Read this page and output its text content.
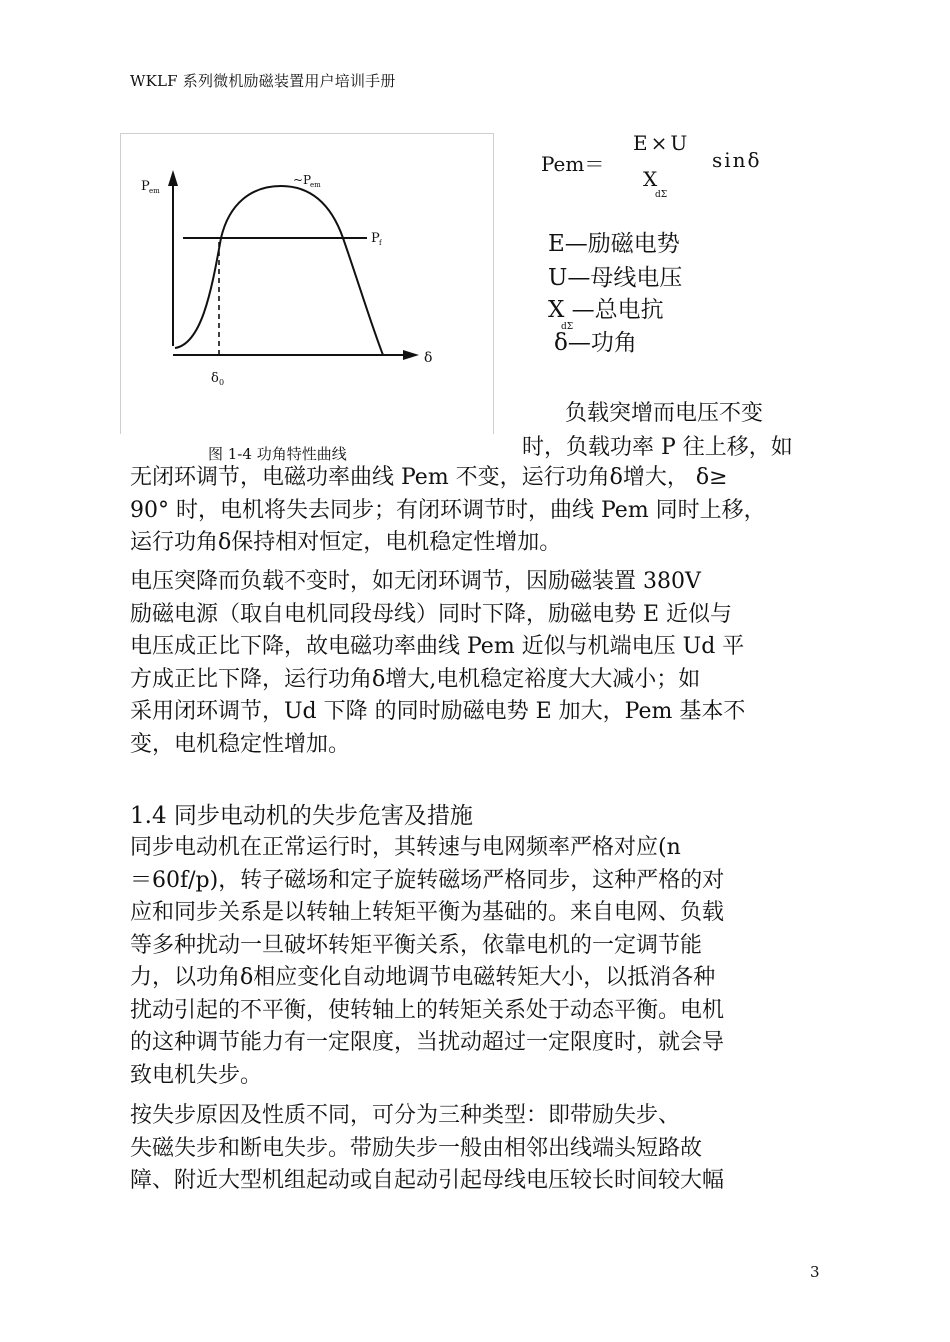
WKLF 系列微机励磁装置用户培训手册
P em
~P
em
P f
δ
δ 0
图 1-4 功角特性曲线
Pem＝
E×U
X
dΣ
sinδ
E—励磁电势
U—母线电压
X —总电抗
dΣ
δ—功角
负载突增而电压不变
时，负载功率 P 往上移，如
无闭环调节，电磁功率曲线 Pem 不变，运行功角δ增大， δ≥
90° 时，电机将失去同步；有闭环调节时，曲线 Pem 同时上移，
运行功角δ保持相对恒定，电机稳定性增加。
电压突降而负载不变时，如无闭环调节，因励磁装置 380V
励磁电源（取自电机同段母线）同时下降，励磁电势 E 近似与
电压成正比下降，故电磁功率曲线 Pem 近似与机端电压 Ud 平
方成正比下降，运行功角δ增大,电机稳定裕度大大减小；如
采用闭环调节，Ud 下降 的同时励磁电势 E 加大，Pem 基本不
变，电机稳定性增加。
1.4 同步电动机的失步危害及措施
同步电动机在正常运行时，其转速与电网频率严格对应(n
＝60f/p)，转子磁场和定子旋转磁场严格同步，这种严格的对
应和同步关系是以转轴上转矩平衡为基础的。来自电网、负载
等多种扰动一旦破坏转矩平衡关系，依靠电机的一定调节能
力，以功角δ相应变化自动地调节电磁转矩大小，以抵消各种
扰动引起的不平衡，使转轴上的转矩关系处于动态平衡。电机
的这种调节能力有一定限度，当扰动超过一定限度时，就会导
致电机失步。
按失步原因及性质不同，可分为三种类型：即带励失步、
失磁失步和断电失步。带励失步一般由相邻出线端头短路故
障、附近大型机组起动或自起动引起母线电压较长时间较大幅
3
